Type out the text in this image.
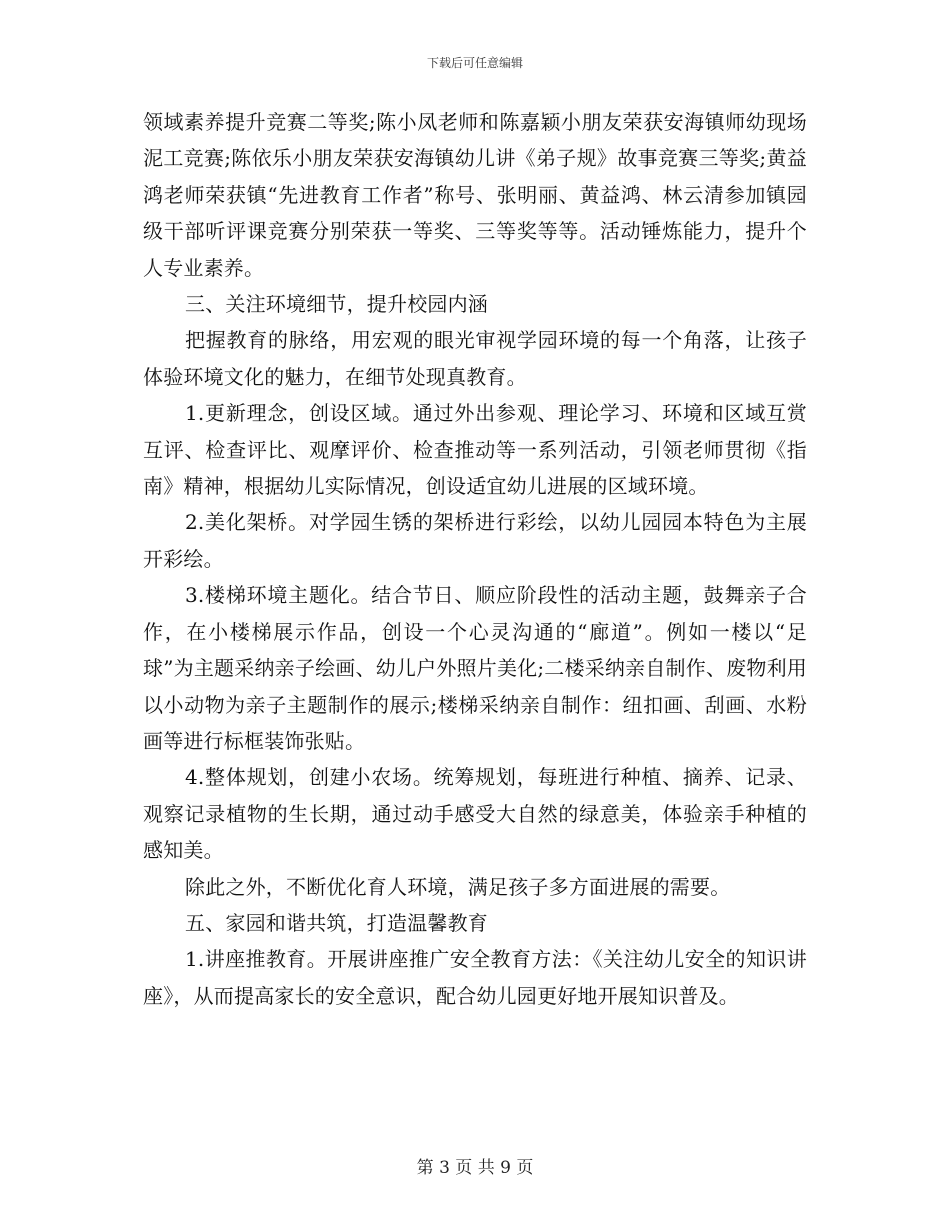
下载后可任意编辑

领域素养提升竞赛二等奖;陈小凤老师和陈嘉颖小朋友荣获安海镇师幼现场泥工竞赛;陈依乐小朋友荣获安海镇幼儿讲《弟子规》故事竞赛三等奖;黄益鸿老师荣获镇“先进教育工作者”称号、张明丽、黄益鸿、林云清参加镇园级干部听评课竞赛分别荣获一等奖、三等奖等等。活动锤炼能力，提升个人专业素养。

三、关注环境细节，提升校园内涵

把握教育的脉络，用宏观的眼光审视学园环境的每一个角落，让孩子体验环境文化的魅力，在细节处现真教育。

1.更新理念，创设区域。通过外出参观、理论学习、环境和区域互赏互评、检查评比、观摩评价、检查推动等一系列活动，引领老师贯彻《指南》精神，根据幼儿实际情况，创设适宜幼儿进展的区域环境。

2.美化架桥。对学园生锈的架桥进行彩绘，以幼儿园园本特色为主展开彩绘。

3.楼梯环境主题化。结合节日、顺应阶段性的活动主题，鼓舞亲子合作，在小楼梯展示作品，创设一个心灵沟通的“廊道”。例如一楼以“足球”为主题采纳亲子绘画、幼儿户外照片美化;二楼采纳亲自制作、废物利用以小动物为亲子主题制作的展示;楼梯采纳亲自制作：纽扣画、刮画、水粉画等进行标框装饰张贴。

4.整体规划，创建小农场。统筹规划，每班进行种植、摘养、记录、观察记录植物的生长期，通过动手感受大自然的绿意美，体验亲手种植的感知美。

除此之外，不断优化育人环境，满足孩子多方面进展的需要。

五、家园和谐共筑，打造温馨教育

1.讲座推教育。开展讲座推广安全教育方法：《关注幼儿安全的知识讲座》，从而提高家长的安全意识，配合幼儿园更好地开展知识普及。

第 3 页 共 9 页
